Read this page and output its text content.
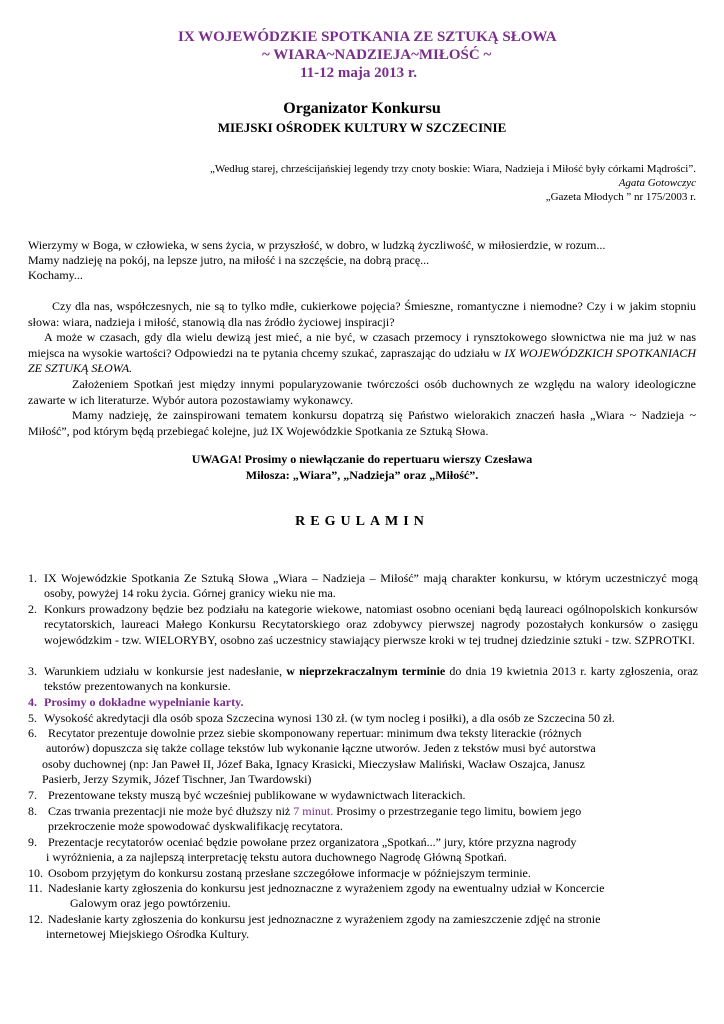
IX WOJEWÓDZKIE SPOTKANIA ZE SZTUKĄ SŁOWA
~ WIARA~NADZIEJA~MIŁOŚĆ ~
11-12 maja 2013 r.
Organizator Konkursu
MIEJSKI OŚRODEK KULTURY W SZCZECINIE
„Według starej, chrześcijańskiej legendy trzy cnoty boskie: Wiara, Nadzieja i Miłość były córkami Mądrości”.
Agata Gotowczyc
„Gazeta Młodych ” nr 175/2003 r.
Wierzymy w Boga, w człowieka, w sens życia, w przyszłość, w dobro, w ludzką życzliwość, w miłosierdzie, w rozum...
Mamy nadzieję na pokój, na lepsze jutro, na miłość i na szczęście, na dobrą pracę...
Kochamy...
Czy dla nas, współczesnych, nie są to tylko mdłe, cukierkowe pojęcia? Śmieszne, romantyczne i niemodne? Czy i w jakim stopniu słowa: wiara, nadzieja i miłość, stanowią dla nas źródło życiowej inspiracji?
A może w czasach, gdy dla wielu dewizą jest mieć, a nie być, w czasach przemocy i rynsztokowego słownictwa nie ma już w nas miejsca na wysokie wartości? Odpowiedzi na te pytania chcemy szukać, zapraszając do udziału w IX WOJEWÓDZKICH SPOTKANIACH ZE SZTUKĄ SŁOWA.
Założeniem Spotkań jest między innymi popularyzowanie twórczości osób duchownych ze względu na walory ideologiczne zawarte w ich literaturze. Wybór autora pozostawiamy wykonawcy.
Mamy nadzieję, że zainspirowani tematem konkursu dopatrzą się Państwo wielorakich znaczeń hasła „Wiara ~ Nadzieja ~ Miłość”, pod którym będą przebiegać kolejne, już IX Wojewódzkie Spotkania ze Sztuką Słowa.
UWAGA! Prosimy o niewłączanie do repertuaru wierszy Czesława
Miłosza: „Wiara”, „Nadzieja” oraz „Miłość”.
REGULAMIN
1. IX Wojewódzkie Spotkania Ze Sztuką Słowa „Wiara – Nadzieja – Miłość” mają charakter konkursu, w którym uczestniczyć mogą osoby, powyżej 14 roku życia. Górnej granicy wieku nie ma.
2. Konkurs prowadzony będzie bez podziału na kategorie wiekowe, natomiast osobno oceniani będą laureaci ogólnopolskich konkursów recytatorskich, laureaci Małego Konkursu Recytatorskiego oraz zdobywcy pierwszej nagrody pozostałych konkursów o zasięgu wojewódzkim - tzw. WIELORYBY, osobno zaś uczestnicy stawiający pierwsze kroki w tej trudnej dziedzinie sztuki - tzw. SZPROTKI.
3. Warunkiem udziału w konkursie jest nadesłanie, w nieprzekraczalnym terminie do dnia 19 kwietnia 2013 r. karty zgłoszenia, oraz tekstów prezentowanych na konkursie.
4. Prosimy o dokładne wypełnianie karty.
5. Wysokość akredytacji dla osób spoza Szczecina wynosi 130 zł. (w tym nocleg i posiłki), a dla osób ze Szczecina 50 zł.
6. Recytator prezentuje dowolnie przez siebie skomponowany repertuar: minimum dwa teksty literackie (różnych
autorów) dopuszcza się także collage tekstów lub wykonanie łączne utworów. Jeden z tekstów musi być autorstwa
osoby duchownej (np: Jan Paweł II, Józef Baka, Ignacy Krasicki, Mieczysław Maliński, Wacław Oszajca, Janusz
Pasierb, Jerzy Szymik, Józef Tischner, Jan Twardowski)
7. Prezentowane teksty muszą być wcześniej publikowane w wydawnictwach literackich.
8. Czas trwania prezentacji nie może być dłuższy niż 7 minut. Prosimy o przestrzeganie tego limitu, bowiem jego
przekroczenie może spowodować dyskwalifikację recytatora.
9. Prezentacje recytatorów oceniać będzie powołane przez organizatora „Spotkań...” jury, które przyzna nagrody
i wyróżnienia, a za najlepszą interpretację tekstu autora duchownego Nagrodę Główną Spotkań.
10. Osobom przyjętym do konkursu zostaną przesłane szczegółowe informacje w późniejszym terminie.
11. Nadesłanie karty zgłoszenia do konkursu jest jednoznaczne z wyrażeniem zgody na ewentualny udział w Koncercie
Galowym oraz jego powtórzeniu.
12. Nadesłanie karty zgłoszenia do konkursu jest jednoznaczne z wyrażeniem zgody na zamieszczenie zdjęć na stronie
internetowej Miejskiego Ośrodka Kultury.
